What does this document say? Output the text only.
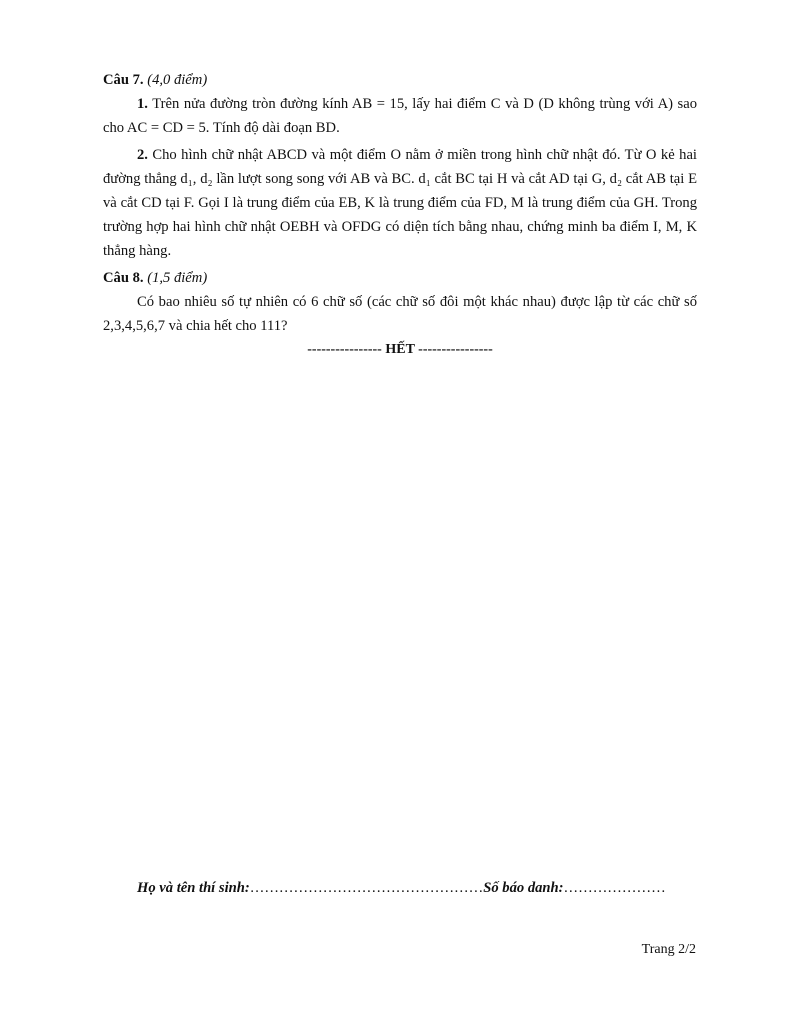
Câu 7. (4,0 điểm)

1. Trên nửa đường tròn đường kính AB = 15, lấy hai điểm C và D (D không trùng với A) sao cho AC = CD = 5. Tính độ dài đoạn BD.

2. Cho hình chữ nhật ABCD và một điểm O nằm ở miền trong hình chữ nhật đó. Từ O kẻ hai đường thẳng d₁, d₂ lần lượt song song với AB và BC. d₁ cắt BC tại H và cắt AD tại G, d₂ cắt AB tại E và cắt CD tại F. Gọi I là trung điểm của EB, K là trung điểm của FD, M là trung điểm của GH. Trong trường hợp hai hình chữ nhật OEBH và OFDG có diện tích bằng nhau, chứng minh ba điểm I, M, K thẳng hàng.

Câu 8. (1,5 điểm)

Có bao nhiêu số tự nhiên có 6 chữ số (các chữ số đôi một khác nhau) được lập từ các chữ số 2,3,4,5,6,7 và chia hết cho 111?

---------------- HẾT ----------------
Họ và tên thí sinh:…………………………………………Số báo danh:…………………
Trang 2/2
